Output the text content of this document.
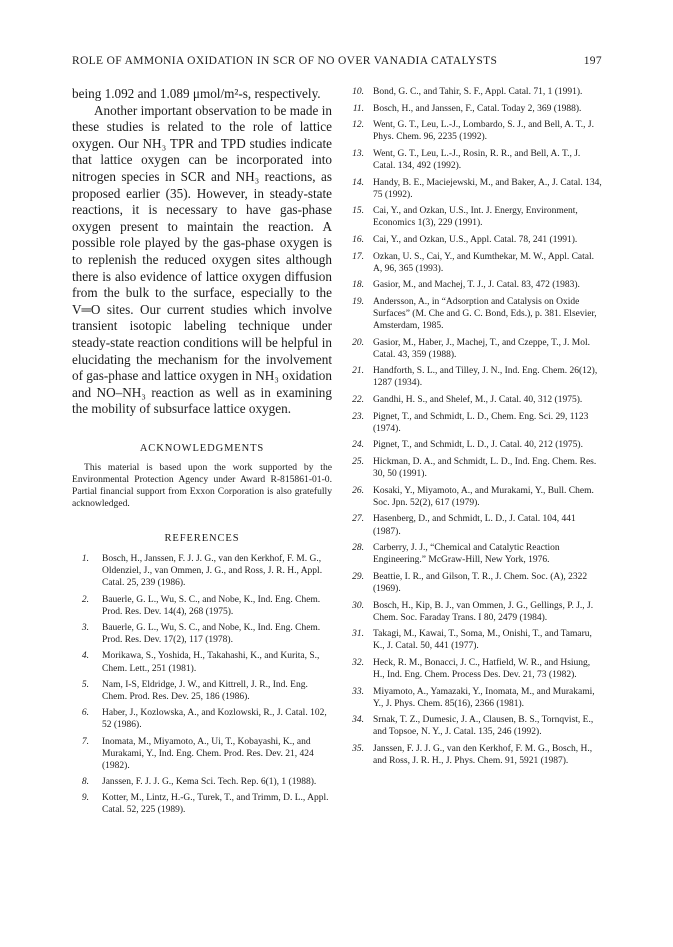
ROLE OF AMMONIA OXIDATION IN SCR OF NO OVER VANADIA CATALYSTS	197

being 1.092 and 1.089 μmol/m²-s, respectively.

Another important observation to be made in these studies is related to the role of lattice oxygen. Our NH₃ TPR and TPD studies indicate that lattice oxygen can be incorporated into nitrogen species in SCR and NH₃ reactions, as proposed earlier (35). However, in steady-state reactions, it is necessary to have gas-phase oxygen present to maintain the reaction. A possible role played by the gas-phase oxygen is to replenish the reduced oxygen sites although there is also evidence of lattice oxygen diffusion from the bulk to the surface, especially to the V═O sites. Our current studies which involve transient isotopic labeling technique under steady-state reaction conditions will be helpful in elucidating the mechanism for the involvement of gas-phase and lattice oxygen in NH₃ oxidation and NO–NH₃ reaction as well as in examining the mobility of subsurface lattice oxygen.

ACKNOWLEDGMENTS

This material is based upon the work supported by the Environmental Protection Agency under Award R-815861-01-0. Partial financial support from Exxon Corporation is also gratefully acknowledged.

REFERENCES
1. Bosch, H., Janssen, F. J. J. G., van den Kerkhof, F. M. G., Oldenziel, J., van Ommen, J. G., and Ross, J. R. H., Appl. Catal. 25, 239 (1986).
2. Bauerle, G. L., Wu, S. C., and Nobe, K., Ind. Eng. Chem. Prod. Res. Dev. 14(4), 268 (1975).
3. Bauerle, G. L., Wu, S. C., and Nobe, K., Ind. Eng. Chem. Prod. Res. Dev. 17(2), 117 (1978).
4. Morikawa, S., Yoshida, H., Takahashi, K., and Kurita, S., Chem. Lett., 251 (1981).
5. Nam, I-S, Eldridge, J. W., and Kittrell, J. R., Ind. Eng. Chem. Prod. Res. Dev. 25, 186 (1986).
6. Haber, J., Kozlowska, A., and Kozlowski, R., J. Catal. 102, 52 (1986).
7. Inomata, M., Miyamoto, A., Ui, T., Kobayashi, K., and Murakami, Y., Ind. Eng. Chem. Prod. Res. Dev. 21, 424 (1982).
8. Janssen, F. J. J. G., Kema Sci. Tech. Rep. 6(1), 1 (1988).
9. Kotter, M., Lintz, H.-G., Turek, T., and Trimm, D. L., Appl. Catal. 52, 225 (1989).
10. Bond, G. C., and Tahir, S. F., Appl. Catal. 71, 1 (1991).
11. Bosch, H., and Janssen, F., Catal. Today 2, 369 (1988).
12. Went, G. T., Leu, L.-J., Lombardo, S. J., and Bell, A. T., J. Phys. Chem. 96, 2235 (1992).
13. Went, G. T., Leu, L.-J., Rosin, R. R., and Bell, A. T., J. Catal. 134, 492 (1992).
14. Handy, B. E., Maciejewski, M., and Baker, A., J. Catal. 134, 75 (1992).
15. Cai, Y., and Ozkan, U.S., Int. J. Energy, Environment, Economics 1(3), 229 (1991).
16. Cai, Y., and Ozkan, U.S., Appl. Catal. 78, 241 (1991).
17. Ozkan, U. S., Cai, Y., and Kumthekar, M. W., Appl. Catal. A, 96, 365 (1993).
18. Gasior, M., and Machej, T. J., J. Catal. 83, 472 (1983).
19. Andersson, A., in “Adsorption and Catalysis on Oxide Surfaces” (M. Che and G. C. Bond, Eds.), p. 381. Elsevier, Amsterdam, 1985.
20. Gasior, M., Haber, J., Machej, T., and Czeppe, T., J. Mol. Catal. 43, 359 (1988).
21. Handforth, S. L., and Tilley, J. N., Ind. Eng. Chem. 26(12), 1287 (1934).
22. Gandhi, H. S., and Shelef, M., J. Catal. 40, 312 (1975).
23. Pignet, T., and Schmidt, L. D., Chem. Eng. Sci. 29, 1123 (1974).
24. Pignet, T., and Schmidt, L. D., J. Catal. 40, 212 (1975).
25. Hickman, D. A., and Schmidt, L. D., Ind. Eng. Chem. Res. 30, 50 (1991).
26. Kosaki, Y., Miyamoto, A., and Murakami, Y., Bull. Chem. Soc. Jpn. 52(2), 617 (1979).
27. Hasenberg, D., and Schmidt, L. D., J. Catal. 104, 441 (1987).
28. Carberry, J. J., “Chemical and Catalytic Reaction Engineering.” McGraw-Hill, New York, 1976.
29. Beattie, I. R., and Gilson, T. R., J. Chem. Soc. (A), 2322 (1969).
30. Bosch, H., Kip, B. J., van Ommen, J. G., Gellings, P. J., J. Chem. Soc. Faraday Trans. I 80, 2479 (1984).
31. Takagi, M., Kawai, T., Soma, M., Onishi, T., and Tamaru, K., J. Catal. 50, 441 (1977).
32. Heck, R. M., Bonacci, J. C., Hatfield, W. R., and Hsiung, H., Ind. Eng. Chem. Process Des. Dev. 21, 73 (1982).
33. Miyamoto, A., Yamazaki, Y., Inomata, M., and Murakami, Y., J. Phys. Chem. 85(16), 2366 (1981).
34. Srnak, T. Z., Dumesic, J. A., Clausen, B. S., Tornqvist, E., and Topsoe, N. Y., J. Catal. 135, 246 (1992).
35. Janssen, F. J. J. G., van den Kerkhof, F. M. G., Bosch, H., and Ross, J. R. H., J. Phys. Chem. 91, 5921 (1987).
